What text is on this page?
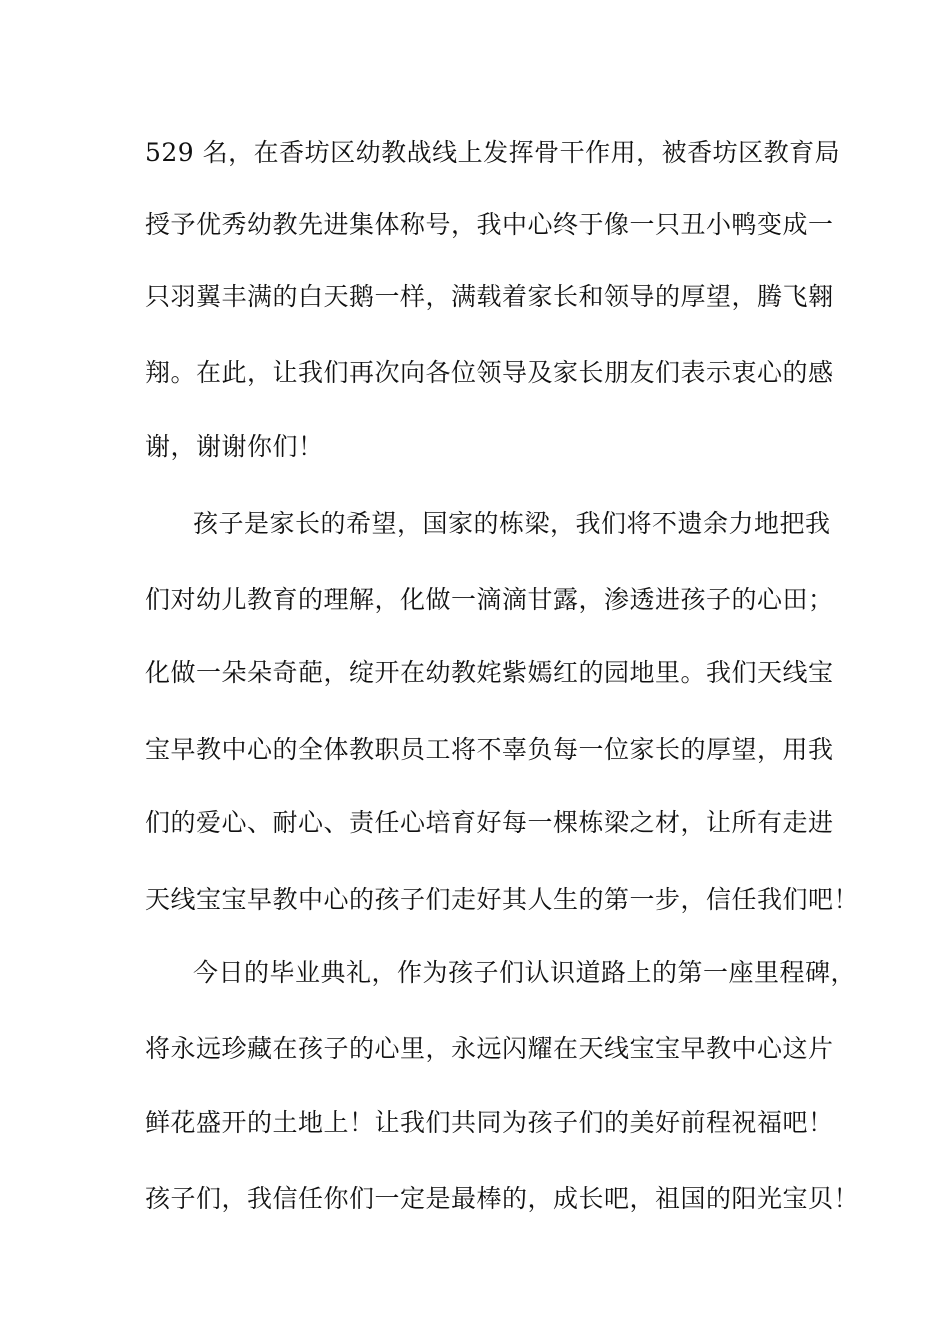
529 名，在香坊区幼教战线上发挥骨干作用，被香坊区教育局
授予优秀幼教先进集体称号，我中心终于像一只丑小鸭变成一
只羽翼丰满的白天鹅一样，满载着家长和领导的厚望，腾飞翱
翔。在此，让我们再次向各位领导及家长朋友们表示衷心的感
谢，谢谢你们！
孩子是家长的希望，国家的栋梁，我们将不遗余力地把我
们对幼儿教育的理解，化做一滴滴甘露，渗透进孩子的心田；
化做一朵朵奇葩，绽开在幼教姹紫嫣红的园地里。我们天线宝
宝早教中心的全体教职员工将不辜负每一位家长的厚望，用我
们的爱心、耐心、责任心培育好每一棵栋梁之材，让所有走进
天线宝宝早教中心的孩子们走好其人生的第一步，信任我们吧！
今日的毕业典礼，作为孩子们认识道路上的第一座里程碑，
将永远珍藏在孩子的心里，永远闪耀在天线宝宝早教中心这片
鲜花盛开的土地上！让我们共同为孩子们的美好前程祝福吧！
孩子们，我信任你们一定是最棒的，成长吧，祖国的阳光宝贝！
